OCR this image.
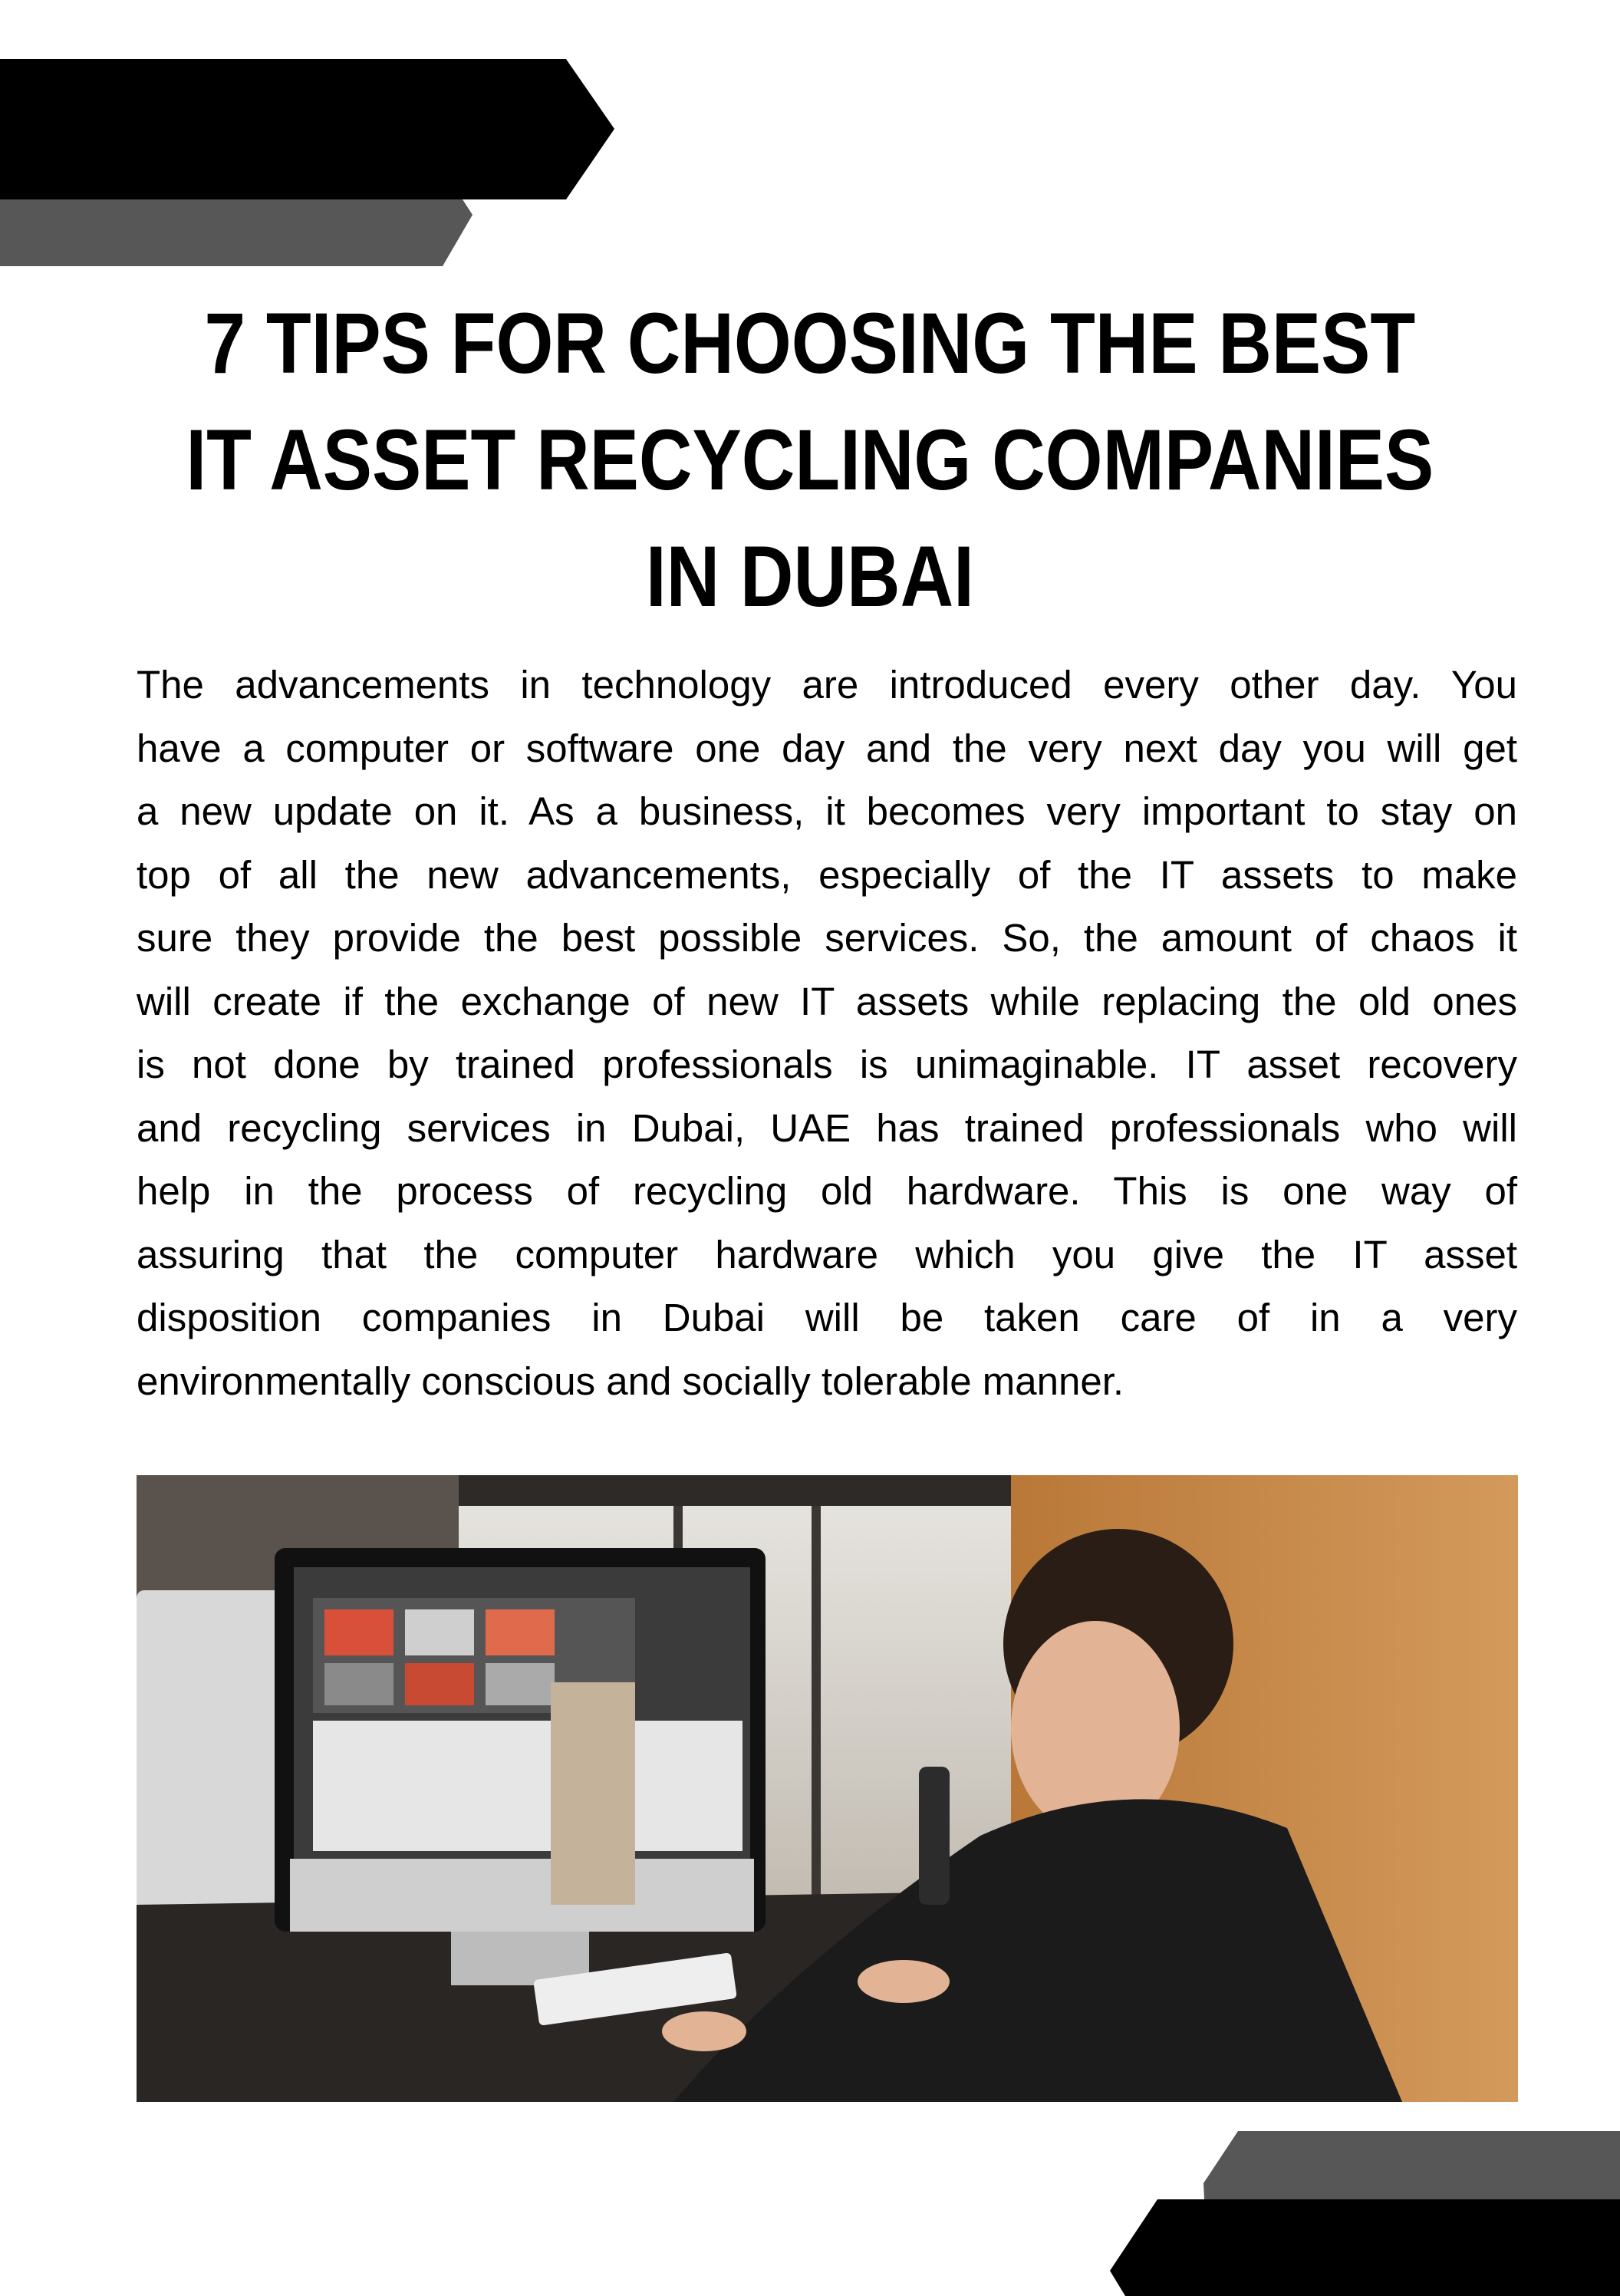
7 TIPS FOR CHOOSING THE BEST
IT ASSET RECYCLING COMPANIES
IN DUBAI
The advancements in technology are introduced every other day. You
have a computer or software one day and the very next day you will get
a new update on it. As a business, it becomes very important to stay on
top of all the new advancements, especially of the IT assets to make
sure they provide the best possible services. So, the amount of chaos it
will create if the exchange of new IT assets while replacing the old ones
is not done by trained professionals is unimaginable. IT asset recovery
and recycling services in Dubai, UAE has trained professionals who will
help in the process of recycling old hardware. This is one way of
assuring that the computer hardware which you give the IT asset
disposition companies in Dubai will be taken care of in a very
environmentally conscious and socially tolerable manner.
